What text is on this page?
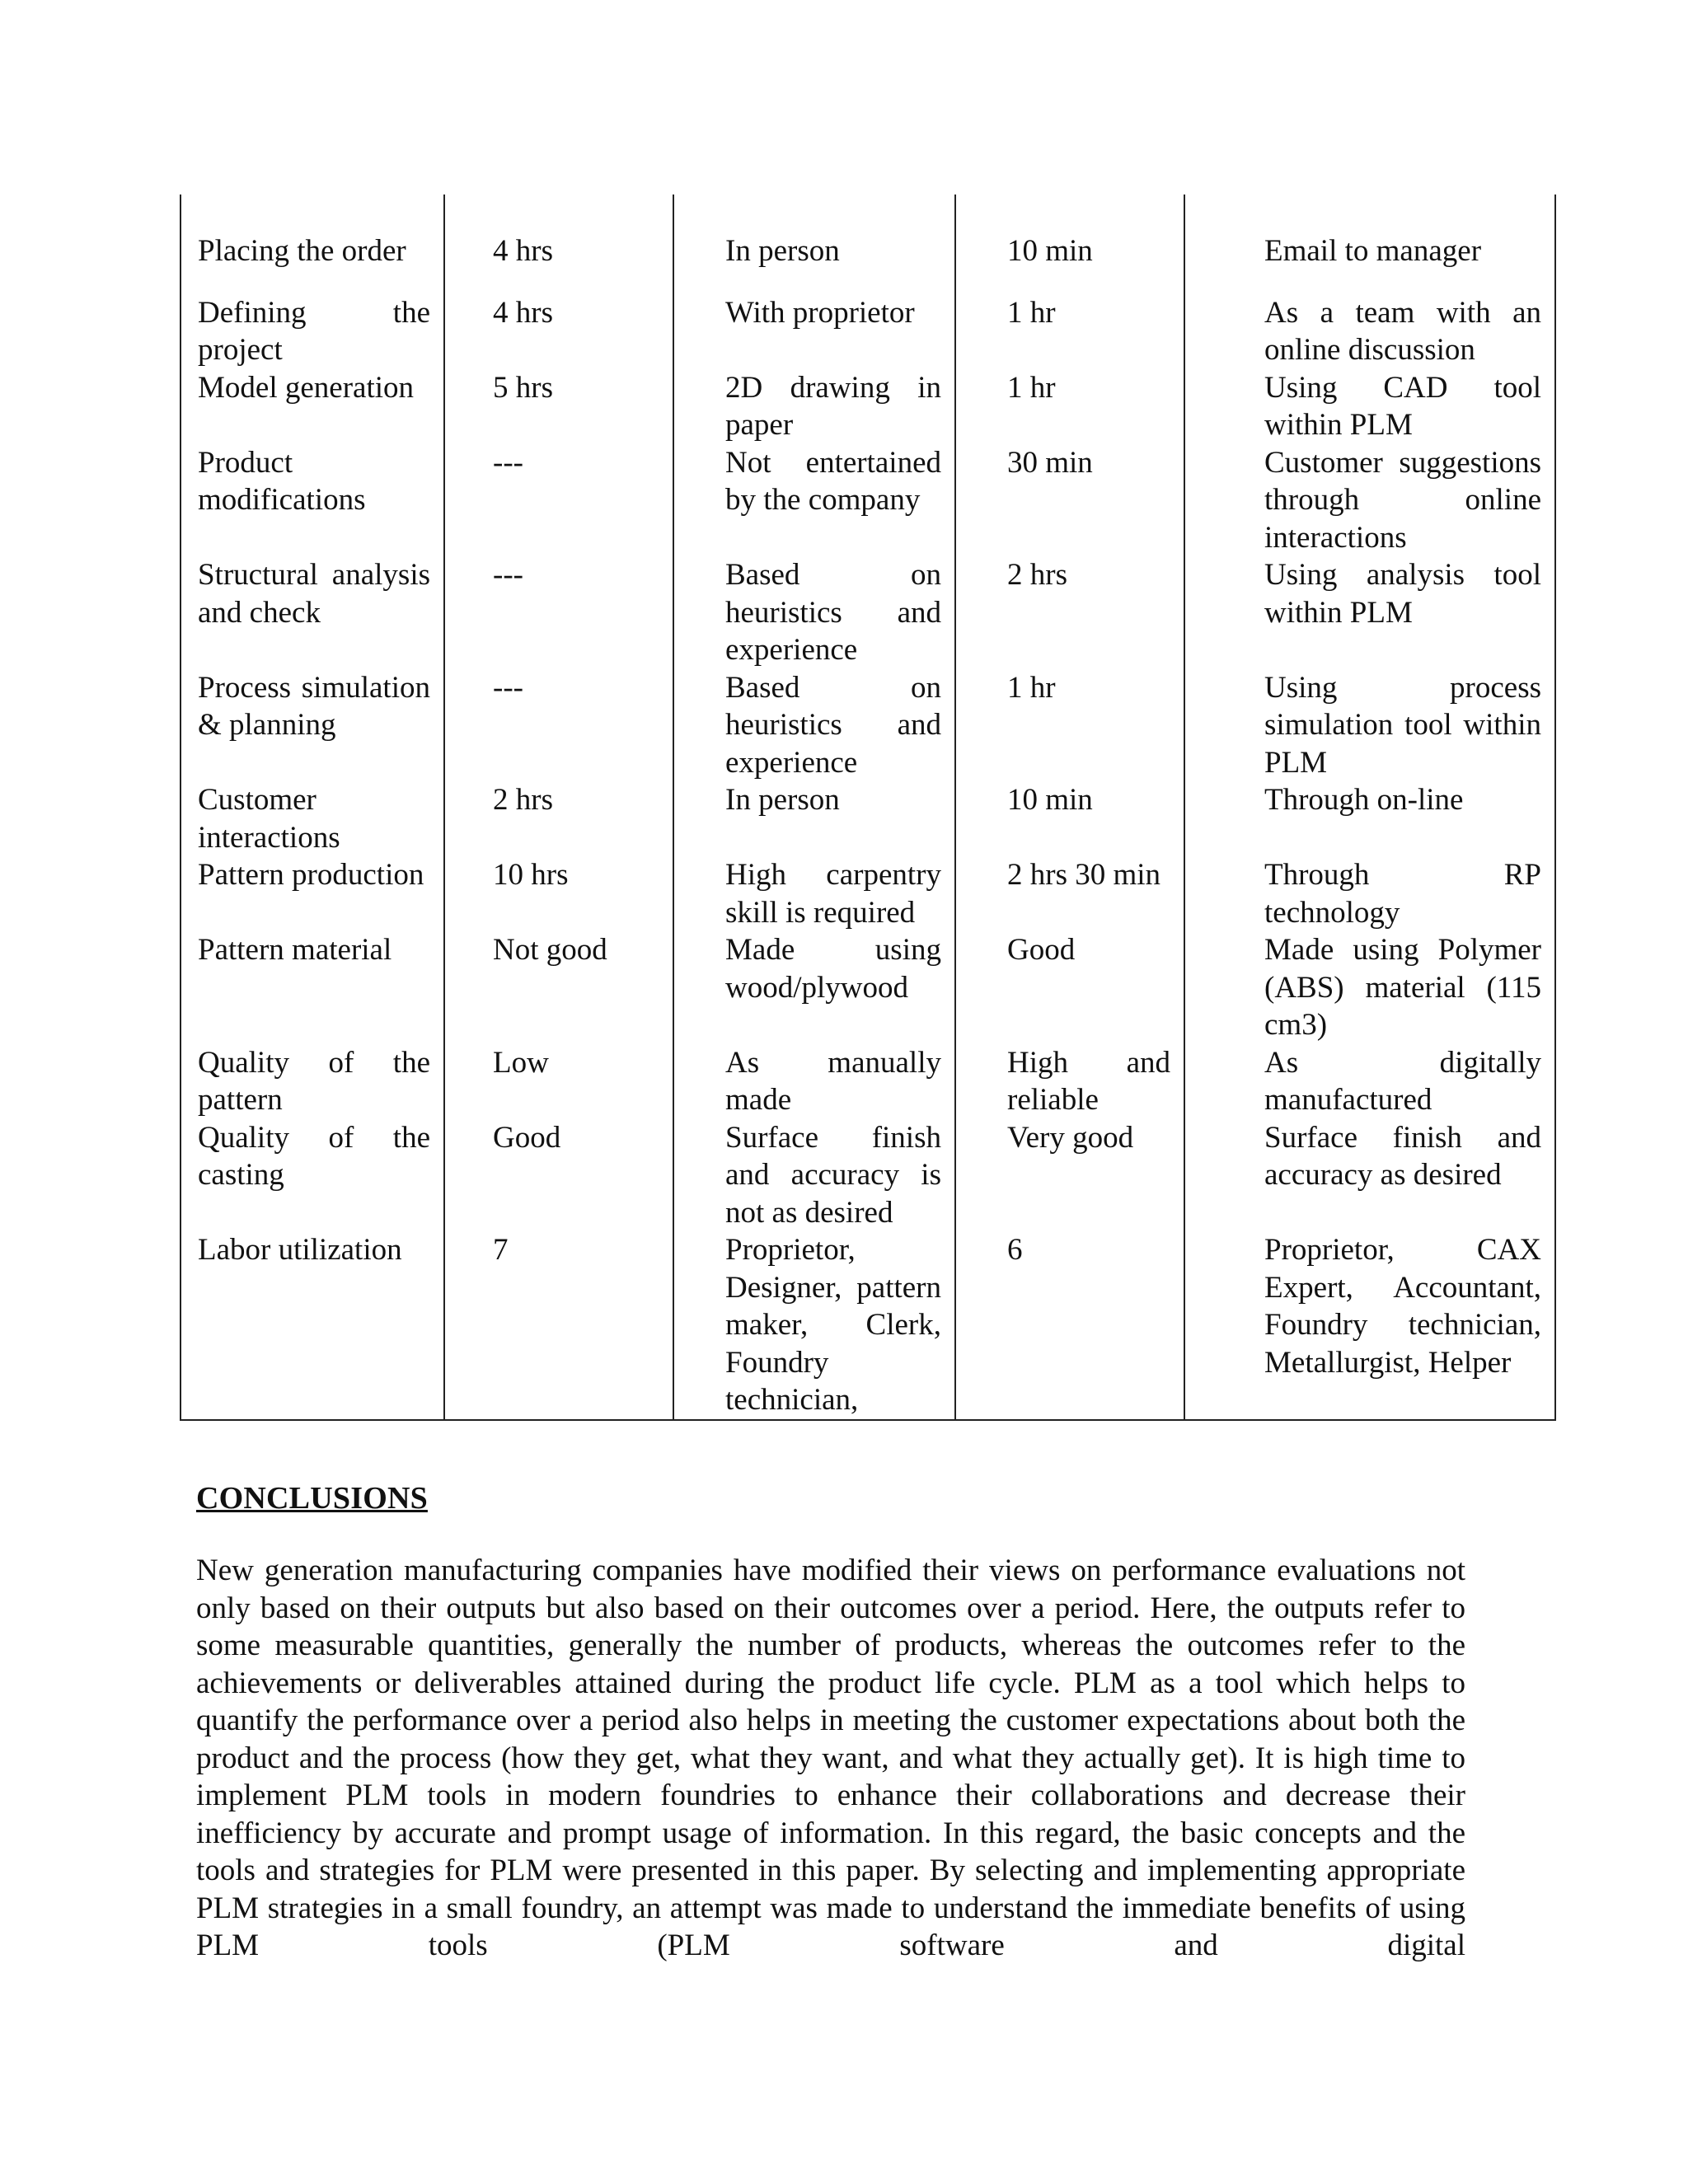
Placing the order	4 hrs	In person	10 min	Email to manager
Defining the project	4 hrs	With proprietor	1 hr	As a team with an online discussion
Model generation	5 hrs	2D drawing in paper	1 hr	Using CAD tool within PLM
Product modifications	---	Not entertained by the company	30 min	Customer suggestions through online interactions
Structural analysis and check	---	Based on heuristics and experience	2 hrs	Using analysis tool within PLM
Process simulation & planning	---	Based on heuristics and experience	1 hr	Using process simulation tool within PLM
Customer interactions	2 hrs	In person	10 min	Through on-line
Pattern production	10 hrs	High carpentry skill is required	2 hrs 30 min	Through RP technology
Pattern material	Not good	Made using wood/plywood	Good	Made using Polymer (ABS) material (115 cm3)
Quality of the pattern	Low	As manually made	High and reliable	As digitally manufactured
Quality of the casting	Good	Surface finish and accuracy is not as desired	Very good	Surface finish and accuracy as desired
Labor utilization	7	Proprietor, Designer, pattern maker, Clerk, Foundry technician,	6	Proprietor, CAX Expert, Accountant, Foundry technician, Metallurgist, Helper
CONCLUSIONS
New generation manufacturing companies have modified their views on performance evaluations not only based on their outputs but also based on their outcomes over a period. Here, the outputs refer to some measurable quantities, generally the number of products, whereas the outcomes refer to the achievements or deliverables attained during the product life cycle. PLM as a tool which helps to quantify the performance over a period also helps in meeting the customer expectations about both the product and the process (how they get, what they want, and what they actually get). It is high time to implement PLM tools in modern foundries to enhance their collaborations and decrease their inefficiency by accurate and prompt usage of information. In this regard, the basic concepts and the tools and strategies for PLM were presented in this paper. By selecting and implementing appropriate PLM strategies in a small foundry, an attempt was made to understand the immediate benefits of using PLM tools (PLM software and digital
